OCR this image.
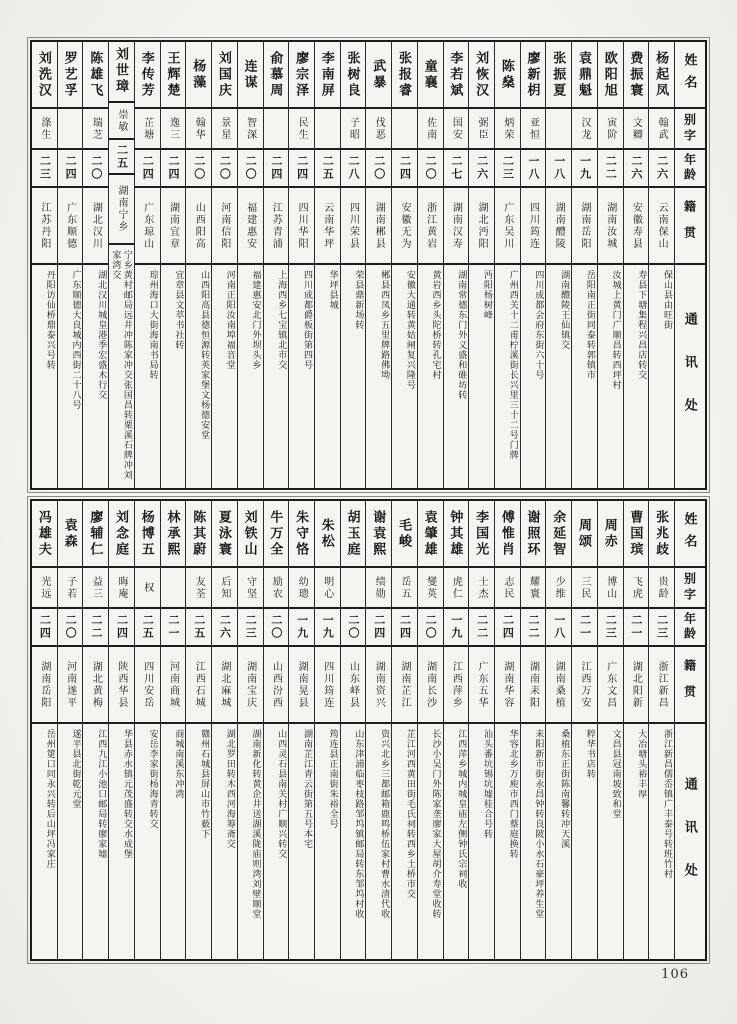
姓名
别字
年龄
籍贯
通讯处
杨起凤
翰武
二六
云南保山
保山县由旺街
费振寰
文卿
二六
安徽寿县
寿县下塘集程兴昌店转交
欧阳旭
寅阶
二二
湖南汝城
汝城上黄门广顺昌转西坪村
袁鼎魁
汉龙
一九
湖南岳阳
岳阳南正街同泰转郭镇市
张振夏
一八
湖南醴陵
湖南醴陵王仙镇交
廖新枂
亚恒
一八
四川筠连
四川成都会府东街六十号
陈燊
炳荣
二三
广东吴川
广州西关十二甫柠溪街长兴里三十二号门牌
刘恢汉
弼臣
二六
湖北沔阳
沔阳杨树峰
李若斌
国安
二七
湖南汉寿
湖南常德东门外义盛和碓坊转
童襄
佐南
二〇
浙江黄岩
黄岩西乡头陀桥转孔宅村
张报睿
二四
安徽无为
安徽大通转黄姑闸复兴隆号
武暴
伐恶
二〇
湖南郴县
郴县西凤乡五里牌路佛坳
张树良
子昭
二八
四川荣县
荣县鼎新场转
李南屏
二五
云南华坪
华坪县城
廖宗泽
民生
二四
四川华阳
四川成都爵板街第四号
俞慕周
二四
江苏青浦
上海西乡七宝镇北市交
连谋
智深
二〇
福建惠安
福建惠安北门外坝头乡
刘国庆
景星
二〇
河南信阳
河南正阳汝南埠福音堂
杨藻
翰华
二〇
山西阳高
山西阳高县德恒源转英家堡文杨德安堂
王辉楚
逸三
二四
湖南宜章
宜章县文萃书社转
李传芳
芷塘
二四
广东琼山
琼州海口大街海南书局转
刘世璋
崇敏
二五
湖南宁乡
宁乡黄村邮局远井冲陈家冲交张国昌转栗溪石牌冲刘家湾交
陈雄飞
瑞芝
二〇
湖北汉川
湖北汉川城皇港季宏盛木行交
罗艺孚
二四
广东顺德
广东顺德大良城内西街二十八号
刘洗汉
涤生
二三
江苏丹阳
丹阳访仙桥鼎泰兴号转
姓名
别字
年龄
籍贯
通讯处
张兆歧
贵龄
二三
浙江新昌
浙江新昌儒岙镇广丰泰号转班竹村
曹国瑸
飞虎
二一
湖北阳新
大冶塘头裕丰厚
周赤
博山
二三
广东文昌
文昌县冠南坡致和堂
周颂
三民
二一
江西万安
粹华书店转
余延智
少维
一八
湖南桑植
桑植东正街陈南馨转冲天溪
谢照环
耀寰
二二
湖南耒阳
耒阳新市街永昌钟转良陂小水石豪坪养生堂
傅惟肖
志民
二四
湖南华容
华容北乡万庾市西门蔡庭换转
李国光
士杰
二二
广东五华
汕头番坑锡坑墟桂合号转
钟其雄
虎仁
一九
江西萍乡
江西萍乡城内城皇庙左侧钟氏宗祠收
袁肇雄
燮英
二〇
湖南长沙
长沙小吴门外陈家垄廖家大屋胡介寿堂收转
毛峻
岳五
二四
湖南芷江
芷江河西黄田街毛氏祠转西乡土桥市交
谢袁熙
绩勋
二四
湖南资兴
资兴北乡三都邮箱鹿鸣桥伍家村曹水清代收
胡玉庭
二〇
山东峄县
山东津浦临枣枝路邹坞镇邮局转东邹坞村收
朱松
明心
一九
四川筠连
筠连县正南街朱裕全号
朱守恪
幼璁
一九
湖南晃县
湖南芷江青云街第五号本宅
牛万全
励农
二〇
山西汾西
山西灵石县南关村广顺兴转交
刘铁山
守坚
二三
湖南宝庆
湖南新化转黄企井送湖溪陇庙则湾刘壁顺堂
夏泳寰
后知
二六
湖北麻城
湖北罗田转木西河海筹斋交
陈其蔚
友荃
二五
江西石城
赣州石城县屏山市竹薮下
林承熙
二一
河南商城
商城南溪东冲湾
杨博五
权
二五
四川安岳
安岳李家街杨海青转交
刘念庭
晦庵
二四
陕西华县
华县赤水镇元茂盛转交水成堡
廖辅仁
益三
二二
湖北黄梅
江西九江小池口邮局转廖家墟
袁森
子若
二〇
河南遂平
遂平县北街乾元堂
冯雄夫
光远
二四
湖南岳阳
岳州筻口同永兴转后山坪冯家庄
106
